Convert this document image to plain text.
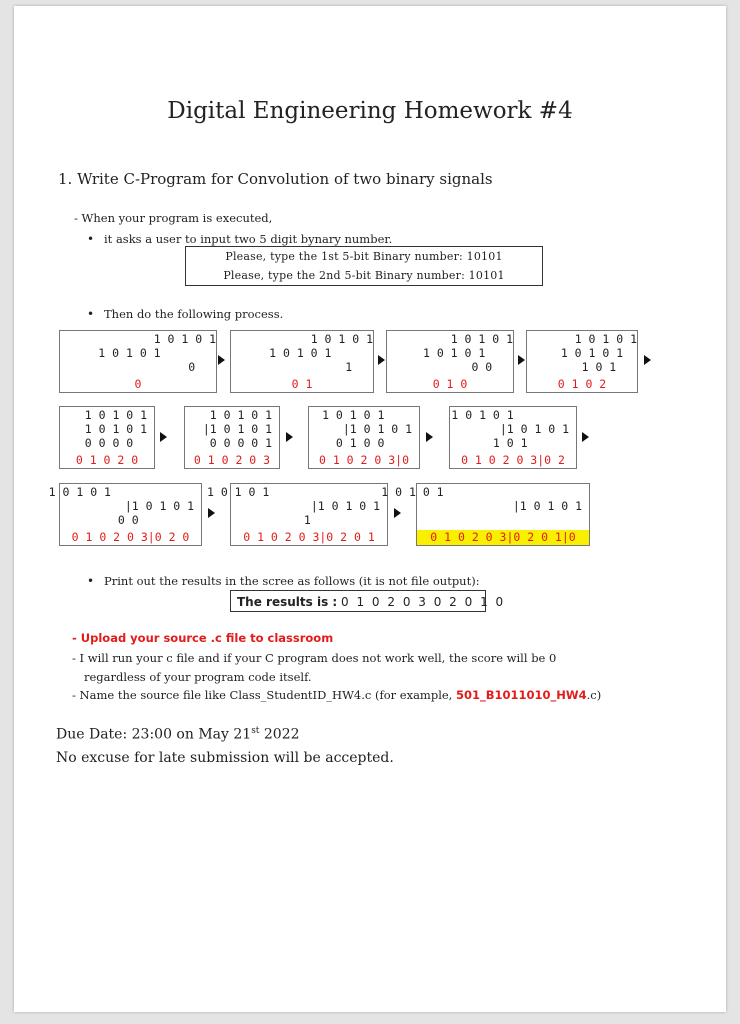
Digital Engineering Homework #4
1. Write C-Program for Convolution of two binary signals
- When your program is executed,
• it asks a user to input two 5 digit bynary number.
Please, type the 1st 5-bit Binary number: 10101
Please, type the 2nd 5-bit Binary number: 10101
• Then do the following process.
1 0 1 0 1
1 0 1 0 1
0
0
1 0 1 0 1
1 0 1 0 1
1
0 1
1 0 1 0 1
1 0 1 0 1
0 0
0 1 0
1 0 1 0 1
1 0 1 0 1
1 0 1
0 1 0 2
1 0 1 0 1
1 0 1 0 1
0 0 0 0
0 1 0 2 0
1 0 1 0 1
|1 0 1 0 1
0 0 0 0 1
0 1 0 2 0 3
1 0 1 0 1
|1 0 1 0 1
0 1 0 0
0 1 0 2 0 3|0
1 0 1 0 1
|1 0 1 0 1
1 0 1
0 1 0 2 0 3|0 2
1 0 1 0 1
|1 0 1 0 1
0 0
0 1 0 2 0 3|0 2 0
1 0 1 0 1
|1 0 1 0 1
1
0 1 0 2 0 3|0 2 0 1
1 0 1 0 1
|1 0 1 0 1

0 1 0 2 0 3|0 2 0 1|0
• Print out the results in the scree as follows (it is not file output):
The results is : 0 1 0 2 0 3 0 2 0 1 0
- Upload your source .c file to classroom
- I will run your c file and if your C program does not work well, the score will be 0
regardless of your program code itself.
- Name the source file like Class_StudentID_HW4.c (for example, 501_B1011010_HW4.c)
Due Date: 23:00 on May 21st 2022
No excuse for late submission will be accepted.
